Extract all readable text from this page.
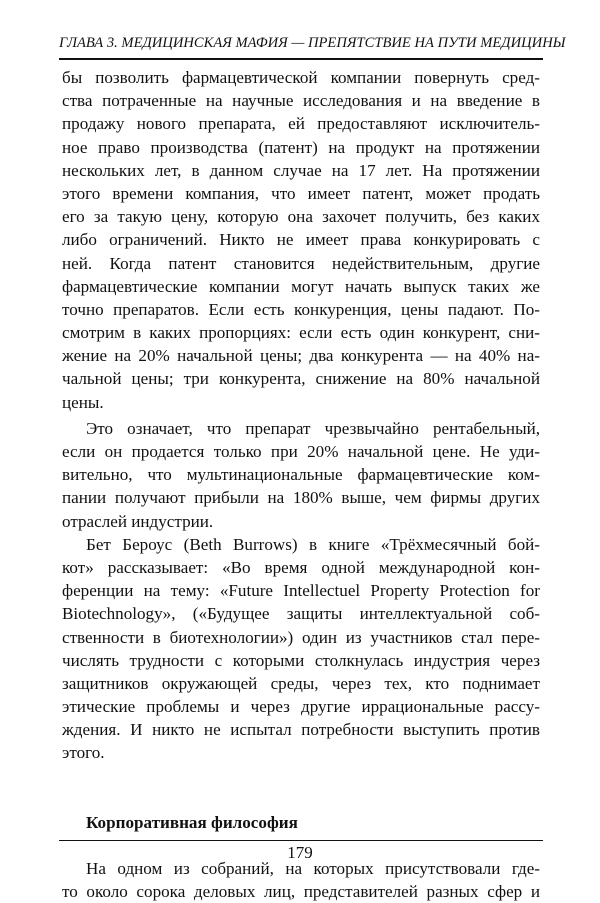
ГЛАВА 3. МЕДИЦИНСКАЯ МАФИЯ — ПРЕПЯТСТВИЕ НА ПУТИ МЕДИЦИНЫ
бы позволить фармацевтической компании повернуть сред-
ства потраченные на научные исследования и на введение в
продажу нового препарата, ей предоставляют исключитель-
ное право производства (патент) на продукт на протяжении
нескольких лет, в данном случае на 17 лет. На протяжении
этого времени компания, что имеет патент, может продать
его за такую цену, которую она захочет получить, без каких
либо ограничений. Никто не имеет права конкурировать с
ней. Когда патент становится недействительным, другие
фармацевтические компании могут начать выпуск таких же
точно препаратов. Если есть конкуренция, цены падают. По-
смотрим в каких пропорциях: если есть один конкурент, сни-
жение на 20% начальной цены; два конкурента — на 40% на-
чальной цены; три конкурента, снижение на 80% начальной
цены.
Это означает, что препарат чрезвычайно рентабельный,
если он продается только при 20% начальной цене. Не уди-
вительно, что мультинациональные фармацевтические ком-
пании получают прибыли на 180% выше, чем фирмы других
отраслей индустрии.
Бет Бероус (Beth Burrows) в книге «Трёхмесячный бой-
кот» рассказывает: «Во время одной международной кон-
ференции на тему: «Future Intellectuel Property Protection for
Biotechnology», («Будущее защиты интеллектуальной соб-
ственности в биотехнологии») один из участников стал пере-
числять трудности с которыми столкнулась индустрия через
защитников окружающей среды, через тех, кто поднимает
этические проблемы и через другие иррациональные рассу-
ждения. И никто не испытал потребности выступить против
этого.
Корпоративная философия
На одном из собраний, на которых присутствовали где-
то около сорока деловых лиц, представителей разных сфер и
179
